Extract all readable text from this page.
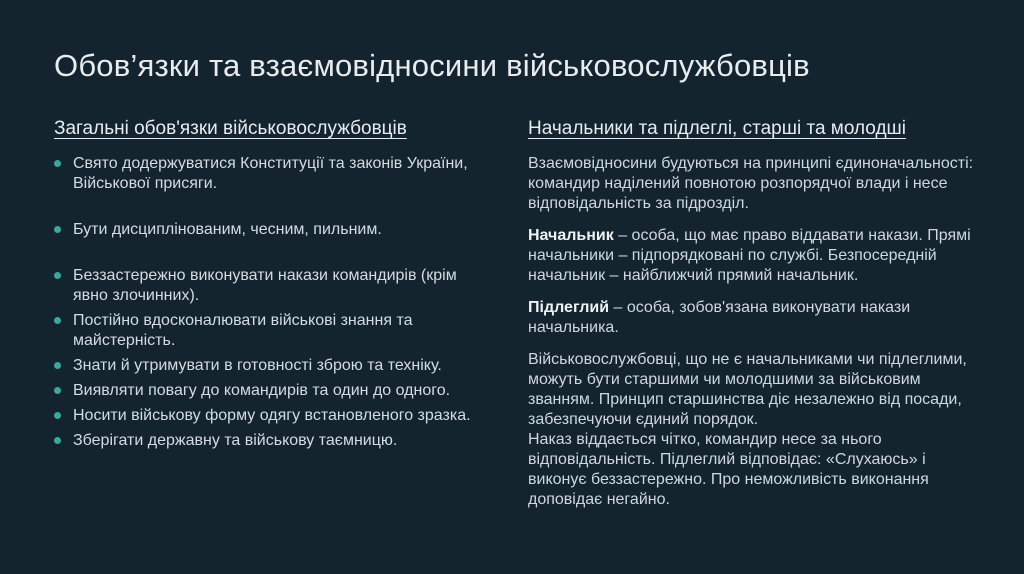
Обов’язки та взаємовідносини військовослужбовців
Загальні обов'язки військовослужбовців
Свято додержуватися Конституції та законів України, Військової присяги.
Бути дисциплінованим, чесним, пильним.
Беззастережно виконувати накази командирів (крім явно злочинних).
Постійно вдосконалювати військові знання та майстерність.
Знати й утримувати в готовності зброю та техніку.
Виявляти повагу до командирів та один до одного.
Носити військову форму одягу встановленого зразка.
Зберігати державну та військову таємницю.
Начальники та підлеглі, старші та молодші

Взаємовідносини будуються на принципі єдиноначальності: командир наділений повнотою розпорядчої влади і несе відповідальність за підрозділ.

Начальник – особа, що має право віддавати накази. Прямі начальники – підпорядковані по службі. Безпосередній начальник – найближчий прямий начальник.

Підлеглий – особа, зобов'язана виконувати накази начальника.

Військовослужбовці, що не є начальниками чи підлеглими, можуть бути старшими чи молодшими за військовим званням. Принцип старшинства діє незалежно від посади, забезпечуючи єдиний порядок.

Наказ віддається чітко, командир несе за нього відповідальність. Підлеглий відповідає: «Слухаюсь» і виконує беззастережно. Про неможливість виконання доповідає негайно.
